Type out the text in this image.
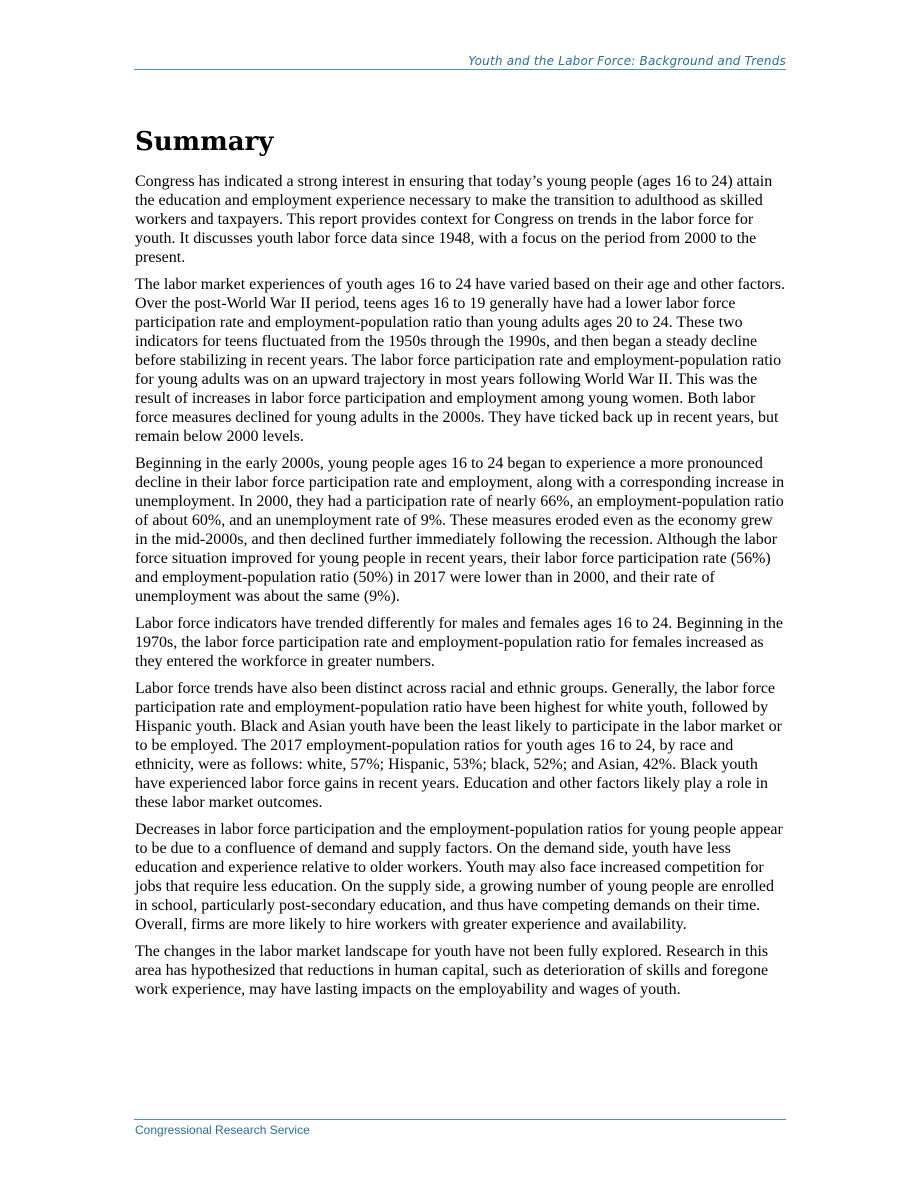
Youth and the Labor Force: Background and Trends
Summary

Congress has indicated a strong interest in ensuring that today’s young people (ages 16 to 24) attain the education and employment experience necessary to make the transition to adulthood as skilled workers and taxpayers. This report provides context for Congress on trends in the labor force for youth. It discusses youth labor force data since 1948, with a focus on the period from 2000 to the present.

The labor market experiences of youth ages 16 to 24 have varied based on their age and other factors. Over the post-World War II period, teens ages 16 to 19 generally have had a lower labor force participation rate and employment-population ratio than young adults ages 20 to 24. These two indicators for teens fluctuated from the 1950s through the 1990s, and then began a steady decline before stabilizing in recent years. The labor force participation rate and employment-population ratio for young adults was on an upward trajectory in most years following World War II. This was the result of increases in labor force participation and employment among young women. Both labor force measures declined for young adults in the 2000s. They have ticked back up in recent years, but remain below 2000 levels.

Beginning in the early 2000s, young people ages 16 to 24 began to experience a more pronounced decline in their labor force participation rate and employment, along with a corresponding increase in unemployment. In 2000, they had a participation rate of nearly 66%, an employment-population ratio of about 60%, and an unemployment rate of 9%. These measures eroded even as the economy grew in the mid-2000s, and then declined further immediately following the recession. Although the labor force situation improved for young people in recent years, their labor force participation rate (56%) and employment-population ratio (50%) in 2017 were lower than in 2000, and their rate of unemployment was about the same (9%).

Labor force indicators have trended differently for males and females ages 16 to 24. Beginning in the 1970s, the labor force participation rate and employment-population ratio for females increased as they entered the workforce in greater numbers.

Labor force trends have also been distinct across racial and ethnic groups. Generally, the labor force participation rate and employment-population ratio have been highest for white youth, followed by Hispanic youth. Black and Asian youth have been the least likely to participate in the labor market or to be employed. The 2017 employment-population ratios for youth ages 16 to 24, by race and ethnicity, were as follows: white, 57%; Hispanic, 53%; black, 52%; and Asian, 42%. Black youth have experienced labor force gains in recent years. Education and other factors likely play a role in these labor market outcomes.

Decreases in labor force participation and the employment-population ratios for young people appear to be due to a confluence of demand and supply factors. On the demand side, youth have less education and experience relative to older workers. Youth may also face increased competition for jobs that require less education. On the supply side, a growing number of young people are enrolled in school, particularly post-secondary education, and thus have competing demands on their time. Overall, firms are more likely to hire workers with greater experience and availability.

The changes in the labor market landscape for youth have not been fully explored. Research in this area has hypothesized that reductions in human capital, such as deterioration of skills and foregone work experience, may have lasting impacts on the employability and wages of youth.

Congressional Research Service
